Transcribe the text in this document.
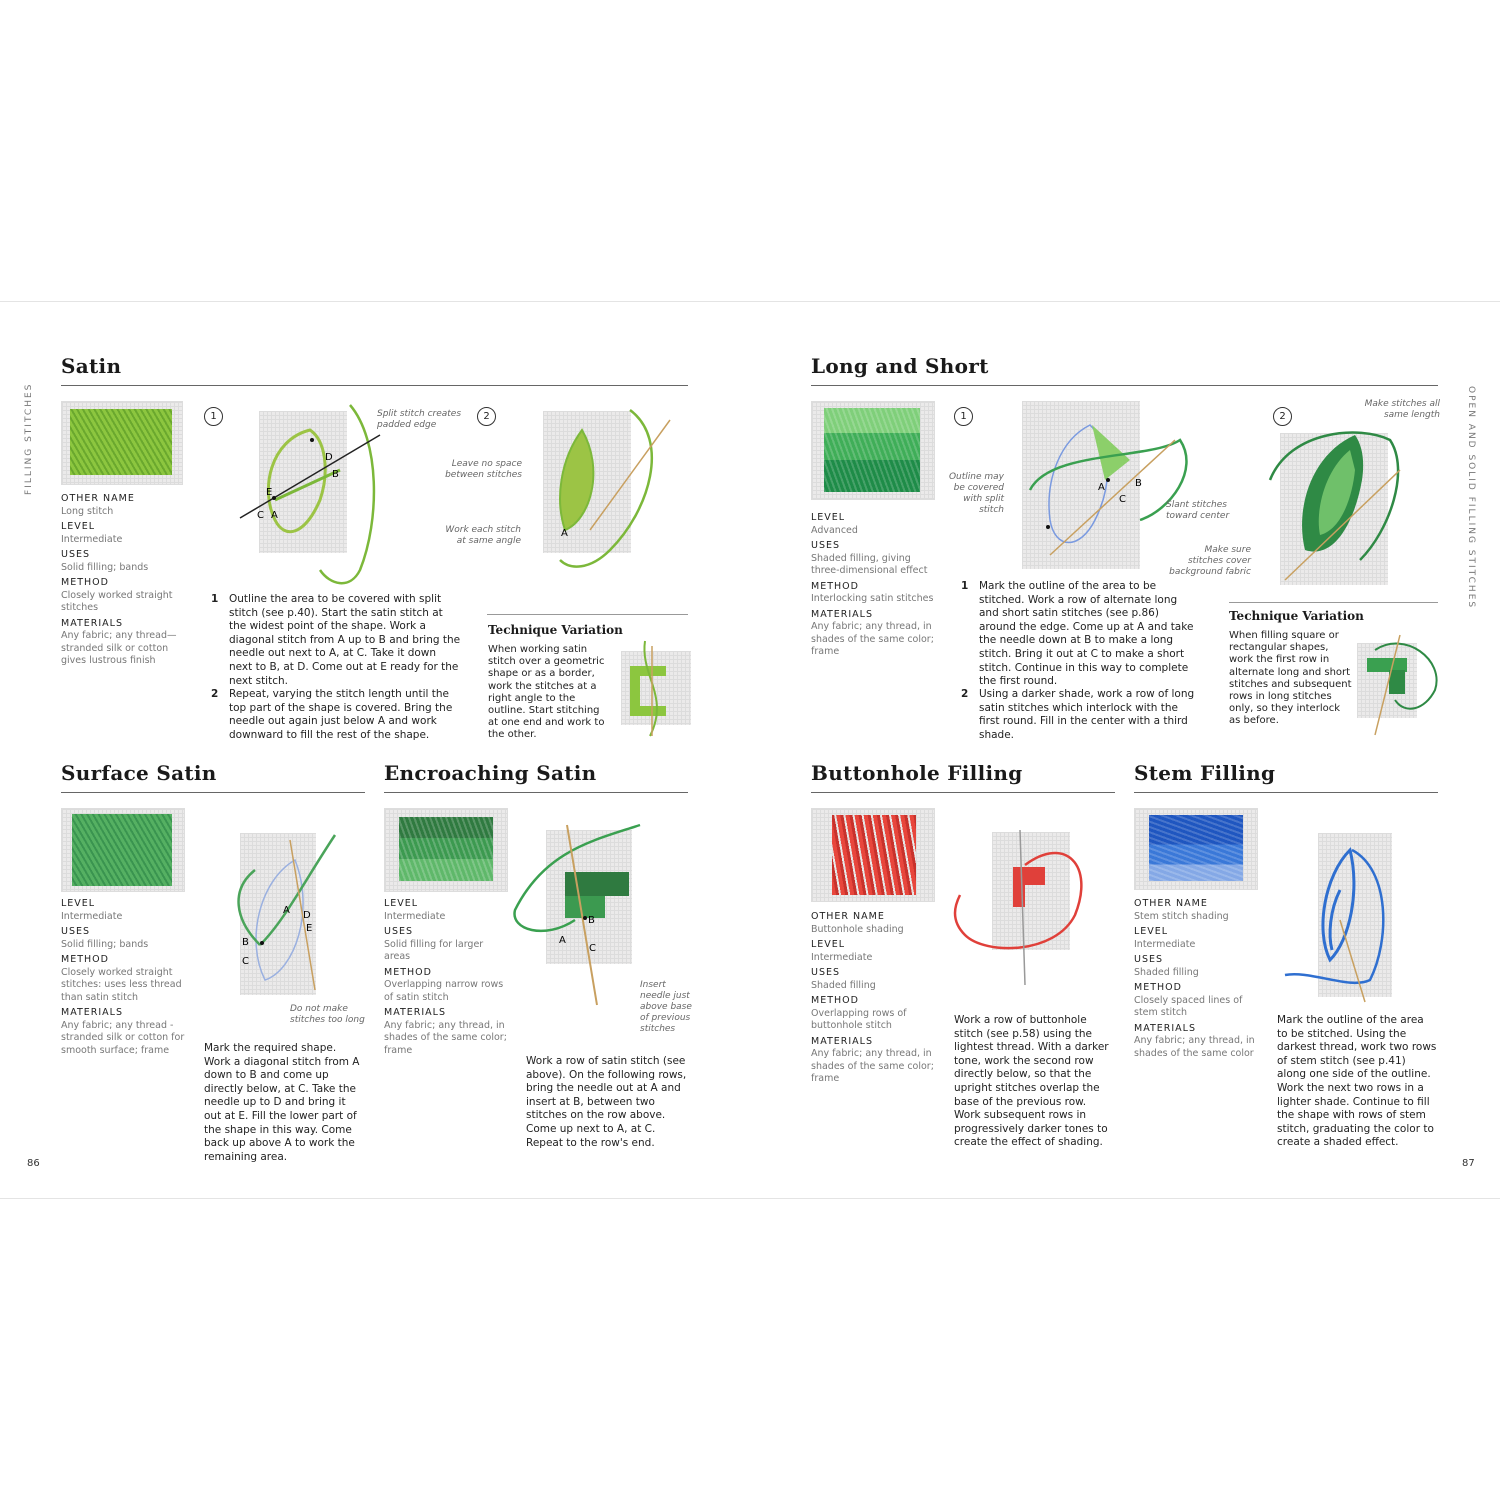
FILLING STITCHES	OPEN AND SOLID FILLING STITCHES
86	87
Satin
OTHER NAME
Long stitch
LEVEL
Intermediate
USES
Solid filling; bands
METHOD
Closely worked straight stitches
MATERIALS
Any fabric; any thread—stranded silk or cotton gives lustrous finish
1
D
B
E
C A
Split stitch creates padded edge
2
A
Leave no space between stitches
Work each stitch at same angle
1 Outline the area to be covered with split stitch (see p.40). Start the satin stitch at the widest point of the shape. Work a diagonal stitch from A up to B and bring the needle out next to A, at C. Take it down next to B, at D. Come out at E ready for the next stitch.
2 Repeat, varying the stitch length until the top part of the shape is covered. Bring the needle out again just below A and work downward to fill the rest of the shape.
Technique Variation
When working satin stitch over a geometric shape or as a border, work the stitches at a right angle to the outline. Start stitching at one end and work to the other.
Long and Short
LEVEL
Advanced
USES
Shaded filling, giving three-dimensional effect
METHOD
Interlocking satin stitches
MATERIALS
Any fabric; any thread, in shades of the same color; frame
1
A	B
C
Outline may be covered with split stitch	Slant stitches toward center
2
Make stitches all same length
Make sure stitches cover background fabric
1 Mark the outline of the area to be stitched. Work a row of alternate long and short satin stitches (see p.86) around the edge. Come up at A and take the needle down at B to make a long stitch. Bring it out at C to make a short stitch. Continue in this way to complete the first round.
2 Using a darker shade, work a row of long satin stitches which interlock with the first round. Fill in the center with a third shade.
Technique Variation
When filling square or rectangular shapes, work the first row in alternate long and short stitches and subsequent rows in long stitches only, so they interlock as before.
Surface Satin
LEVEL
Intermediate
USES
Solid filling; bands
METHOD
Closely worked straight stitches: uses less thread than satin stitch
MATERIALS
Any fabric; any thread - stranded silk or cotton for smooth surface; frame
A D
E
B
C
Do not make stitches too long
Mark the required shape. Work a diagonal stitch from A down to B and come up directly below, at C. Take the needle up to D and bring it out at E. Fill the lower part of the shape in this way. Come back up above A to work the remaining area.
Encroaching Satin
LEVEL
Intermediate
USES
Solid filling for larger areas
METHOD
Overlapping narrow rows of satin stitch
MATERIALS
Any fabric; any thread, in shades of the same color; frame
B
A
C
Insert needle just above base of previous stitches
Work a row of satin stitch (see above). On the following rows, bring the needle out at A and insert at B, between two stitches on the row above. Come up next to A, at C. Repeat to the row's end.
Buttonhole Filling
OTHER NAME
Buttonhole shading
LEVEL
Intermediate
USES
Shaded filling
METHOD
Overlapping rows of buttonhole stitch
MATERIALS
Any fabric; any thread, in shades of the same color; frame
Work a row of buttonhole stitch (see p.58) using the lightest thread. With a darker tone, work the second row directly below, so that the upright stitches overlap the base of the previous row. Work subsequent rows in progressively darker tones to create the effect of shading.
Stem Filling
OTHER NAME
Stem stitch shading
LEVEL
Intermediate
USES
Shaded filling
METHOD
Closely spaced lines of stem stitch
MATERIALS
Any fabric; any thread, in shades of the same color
Mark the outline of the area to be stitched. Using the darkest thread, work two rows of stem stitch (see p.41) along one side of the outline. Work the next two rows in a lighter shade. Continue to fill the shape with rows of stem stitch, graduating the color to create a shaded effect.
